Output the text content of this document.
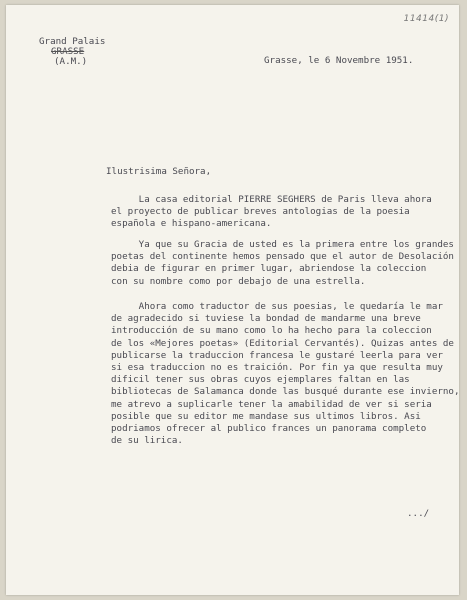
11414(1)
Grand Palais
GRASSE
(A.M.)	Grasse, le 6 Novembre 1951.
Ilustrisima Señora,
La casa editorial PIERRE SEGHERS de Paris lleva ahora
el proyecto de publicar breves antologias de la poesia
española e hispano-americana.
Ya que su Gracia de usted es la primera entre los grandes
poetas del continente hemos pensado que el autor de Desolación
debia de figurar en primer lugar, abriendose la coleccion
con su nombre como por debajo de una estrella.
Ahora como traductor de sus poesias, le quedaría le mar
de agradecido si tuviese la bondad de mandarme una breve
introducción de su mano como lo ha hecho para la coleccion
de los «Mejores poetas» (Editorial Cervantés). Quizas antes de
publicarse la traduccion francesa le gustaré leerla para ver
si esa traduccion no es traición. Por fin ya que resulta muy
dificil tener sus obras cuyos ejemplares faltan en las
bibliotecas de Salamanca donde las busqué durante ese invierno,
me atrevo a suplicarle tener la amabilidad de ver si seria
posible que su editor me mandase sus ultimos libros. Asi
podriamos ofrecer al publico frances un panorama completo
de su lirica.
.../
